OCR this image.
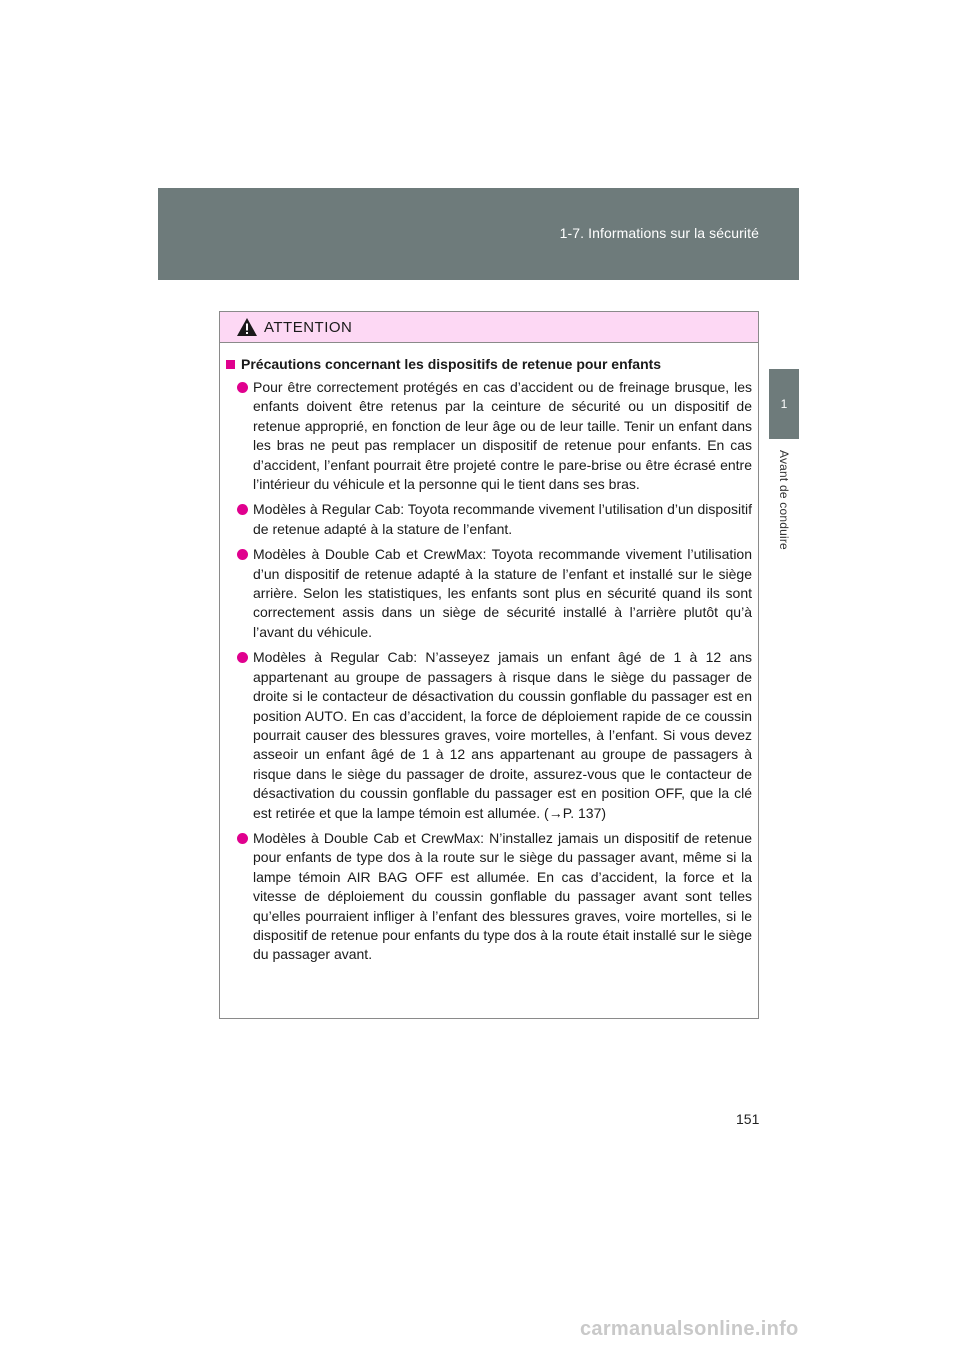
1-7. Informations sur la sécurité
1
Avant de conduire
ATTENTION
Précautions concernant les dispositifs de retenue pour enfants
Pour être correctement protégés en cas d’accident ou de freinage brusque, les enfants doivent être retenus par la ceinture de sécurité ou un dispositif de retenue approprié, en fonction de leur âge ou de leur taille. Tenir un enfant dans les bras ne peut pas remplacer un dispositif de retenue pour enfants. En cas d’accident, l’enfant pourrait être projeté contre le pare-brise ou être écrasé entre l’intérieur du véhicule et la personne qui le tient dans ses bras.
Modèles à Regular Cab: Toyota recommande vivement l’utilisation d’un dispositif de retenue adapté à la stature de l’enfant.
Modèles à Double Cab et CrewMax: Toyota recommande vivement l’utilisation d’un dispositif de retenue adapté à la stature de l’enfant et installé sur le siège arrière. Selon les statistiques, les enfants sont plus en sécurité quand ils sont correctement assis dans un siège de sécurité installé à l’arrière plutôt qu’à l’avant du véhicule.
Modèles à Regular Cab: N’asseyez jamais un enfant âgé de 1 à 12 ans appartenant au groupe de passagers à risque dans le siège du passager de droite si le contacteur de désactivation du coussin gonflable du passager est en position AUTO. En cas d’accident, la force de déploiement rapide de ce coussin pourrait causer des blessures graves, voire mortelles, à l’enfant. Si vous devez asseoir un enfant âgé de 1 à 12 ans appartenant au groupe de passagers à risque dans le siège du passager de droite, assurez-vous que le contacteur de désactivation du coussin gonflable du passager est en position OFF, que la clé est retirée et que la lampe témoin est allumée. (→P. 137)
Modèles à Double Cab et CrewMax: N’installez jamais un dispositif de retenue pour enfants de type dos à la route sur le siège du passager avant, même si la lampe témoin AIR BAG OFF est allumée. En cas d’accident, la force et la vitesse de déploiement du coussin gonflable du passager avant sont telles qu’elles pourraient infliger à l’enfant des blessures graves, voire mortelles, si le dispositif de retenue pour enfants du type dos à la route était installé sur le siège du passager avant.
151
carmanualsonline.info
